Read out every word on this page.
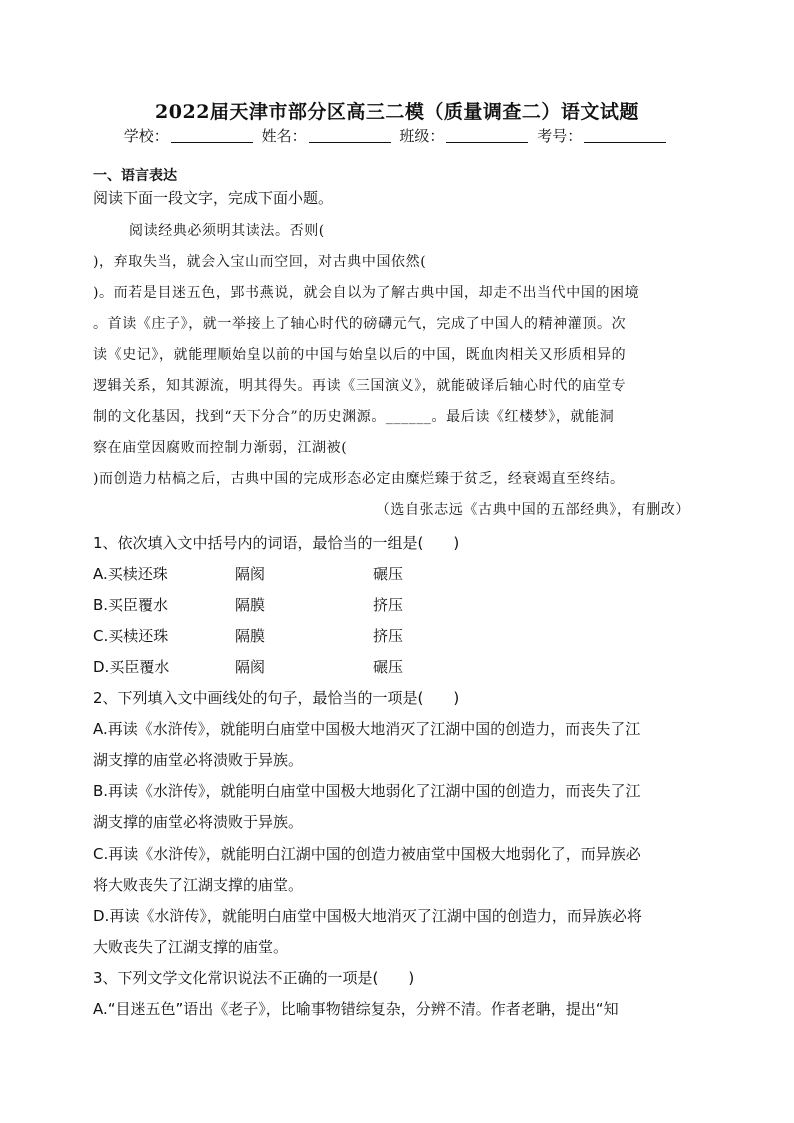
2022届天津市部分区高三二模（质量调查二）语文试题
学校：	姓名：	班级：	考号：
一、语言表达
阅读下面一段文字，完成下面小题。
阅读经典必须明其读法。否则(
)，弃取失当，就会入宝山而空回，对古典中国依然(
)。而若是目迷五色，郢书燕说，就会自以为了解古典中国，却走不出当代中国的困境
。首读《庄子》，就一举接上了轴心时代的磅礴元气，完成了中国人的精神灌顶。次
读《史记》，就能理顺始皇以前的中国与始皇以后的中国，既血肉相关又形质相异的
逻辑关系，知其源流，明其得失。再读《三国演义》，就能破译后轴心时代的庙堂专
制的文化基因，找到“天下分合”的历史渊源。______。最后读《红楼梦》，就能洞
察在庙堂因腐败而控制力渐弱，江湖被(
)而创造力枯槁之后，古典中国的完成形态必定由糜烂臻于贫乏，经衰竭直至终结。
（选自张志远《古典中国的五部经典》，有删改）
1、依次填入文中括号内的词语，最恰当的一组是(　　)
A.买椟还珠	隔阂	碾压
B.买臣覆水	隔膜	挤压
C.买椟还珠	隔膜	挤压
D.买臣覆水	隔阂	碾压
2、下列填入文中画线处的句子，最恰当的一项是(　　)
A.再读《水浒传》，就能明白庙堂中国极大地消灭了江湖中国的创造力，而丧失了江
湖支撑的庙堂必将溃败于异族。
B.再读《水浒传》，就能明白庙堂中国极大地弱化了江湖中国的创造力，而丧失了江
湖支撑的庙堂必将溃败于异族。
C.再读《水浒传》，就能明白江湖中国的创造力被庙堂中国极大地弱化了，而异族必
将大败丧失了江湖支撑的庙堂。
D.再读《水浒传》，就能明白庙堂中国极大地消灭了江湖中国的创造力，而异族必将
大败丧失了江湖支撑的庙堂。
3、下列文学文化常识说法不正确的一项是(　　)
A.“目迷五色”语出《老子》，比喻事物错综复杂，分辨不清。作者老聃，提出“知
